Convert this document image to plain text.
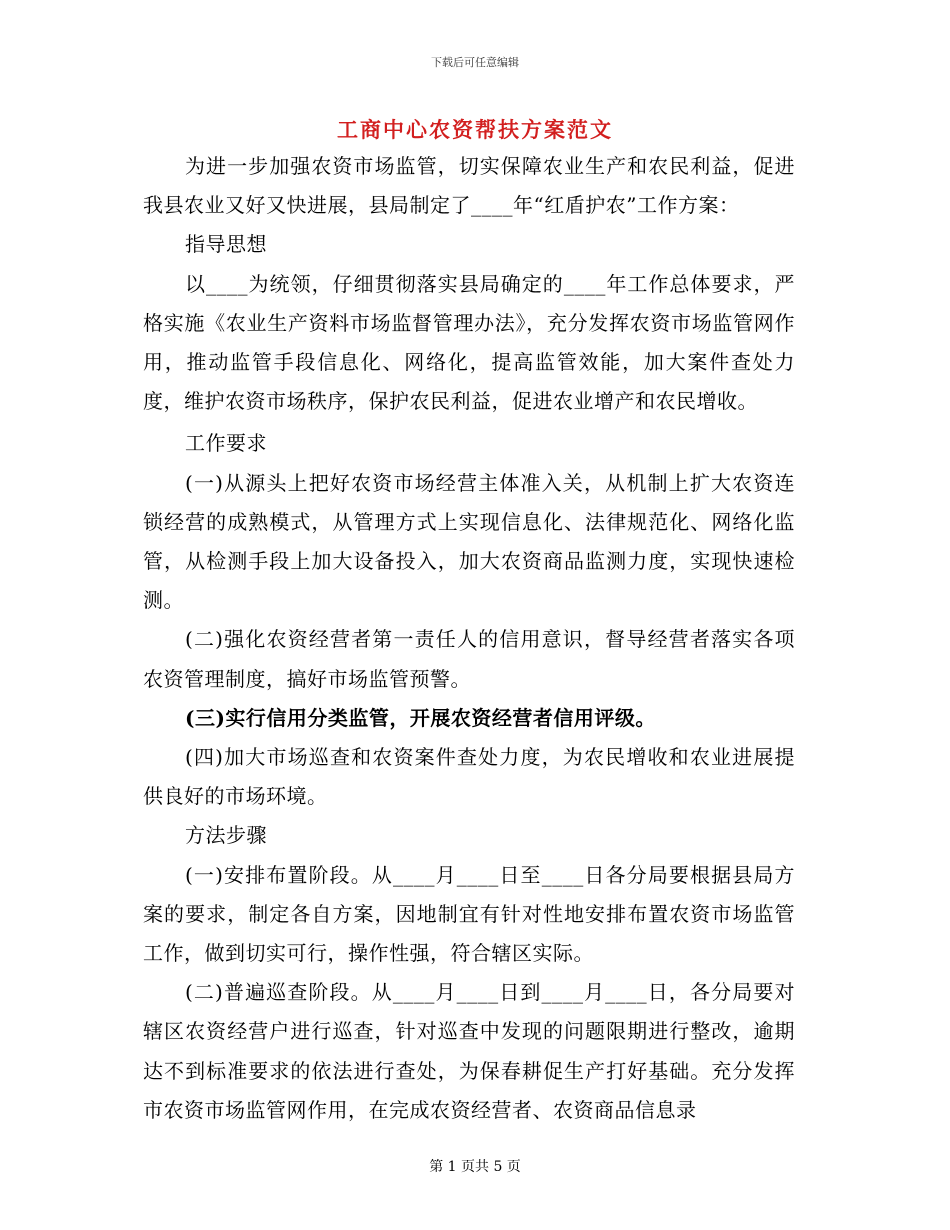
下载后可任意编辑
工商中心农资帮扶方案范文

为进一步加强农资市场监管，切实保障农业生产和农民利益，促进我县农业又好又快进展，县局制定了____年“红盾护农”工作方案：

指导思想

以____为统领，仔细贯彻落实县局确定的____年工作总体要求，严格实施《农业生产资料市场监督管理办法》，充分发挥农资市场监管网作用，推动监管手段信息化、网络化，提高监管效能，加大案件查处力度，维护农资市场秩序，保护农民利益，促进农业增产和农民增收。

工作要求

(一)从源头上把好农资市场经营主体准入关，从机制上扩大农资连锁经营的成熟模式，从管理方式上实现信息化、法律规范化、网络化监管，从检测手段上加大设备投入，加大农资商品监测力度，实现快速检测。

(二)强化农资经营者第一责任人的信用意识，督导经营者落实各项农资管理制度，搞好市场监管预警。

(三)实行信用分类监管，开展农资经营者信用评级。

(四)加大市场巡查和农资案件查处力度，为农民增收和农业进展提供良好的市场环境。

方法步骤

(一)安排布置阶段。从____月____日至____日各分局要根据县局方案的要求，制定各自方案，因地制宜有针对性地安排布置农资市场监管工作，做到切实可行，操作性强，符合辖区实际。

(二)普遍巡查阶段。从____月____日到____月____日，各分局要对辖区农资经营户进行巡查，针对巡查中发现的问题限期进行整改，逾期达不到标准要求的依法进行查处，为保春耕促生产打好基础。充分发挥市农资市场监管网作用，在完成农资经营者、农资商品信息录

第 1 页共 5 页
